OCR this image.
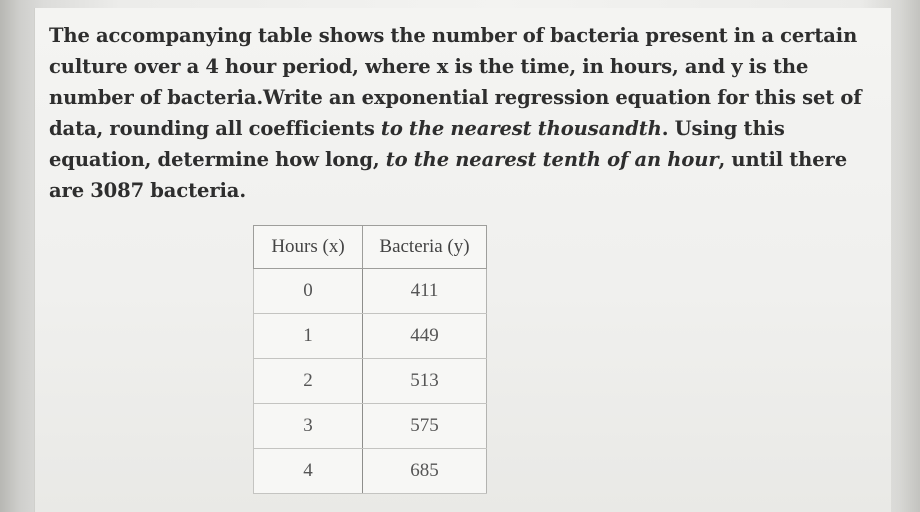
The accompanying table shows the number of bacteria present in a certain culture over a 4 hour period, where x is the time, in hours, and y is the number of bacteria.Write an exponential regression equation for this set of data, rounding all coefficients to the nearest thousandth. Using this equation, determine how long, to the nearest tenth of an hour, until there are 3087 bacteria.

Hours (x)	Bacteria (y)
0	411
1	449
2	513
3	575
4	685
